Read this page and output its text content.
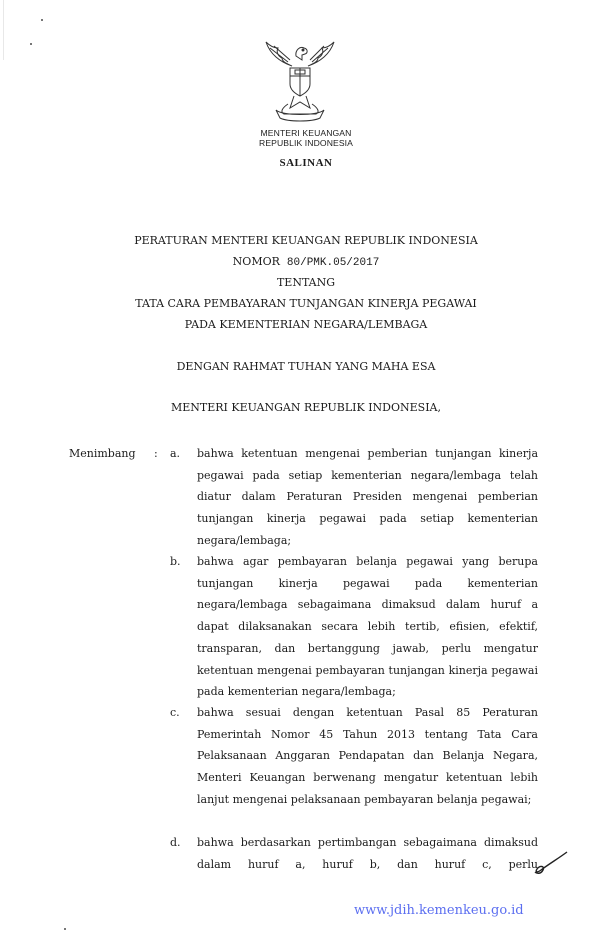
MENTERI KEUANGAN
REPUBLIK INDONESIA
SALINAN
PERATURAN MENTERI KEUANGAN REPUBLIK INDONESIA
NOMOR 80/PMK.05/2017
TENTANG
TATA CARA PEMBAYARAN TUNJANGAN KINERJA PEGAWAI
PADA KEMENTERIAN NEGARA/LEMBAGA
DENGAN RAHMAT TUHAN YANG MAHA ESA
MENTERI KEUANGAN REPUBLIK INDONESIA,
Menimbang : a. bahwa ketentuan mengenai pemberian tunjangan kinerja pegawai pada setiap kementerian negara/lembaga telah diatur dalam Peraturan Presiden mengenai pemberian tunjangan kinerja pegawai pada setiap kementerian negara/lembaga;
b. bahwa agar pembayaran belanja pegawai yang berupa tunjangan kinerja pegawai pada kementerian negara/lembaga sebagaimana dimaksud dalam huruf a dapat dilaksanakan secara lebih tertib, efisien, efektif, transparan, dan bertanggung jawab, perlu mengatur ketentuan mengenai pembayaran tunjangan kinerja pegawai pada kementerian negara/lembaga;
c. bahwa sesuai dengan ketentuan Pasal 85 Peraturan Pemerintah Nomor 45 Tahun 2013 tentang Tata Cara Pelaksanaan Anggaran Pendapatan dan Belanja Negara, Menteri Keuangan berwenang mengatur ketentuan lebih lanjut mengenai pelaksanaan pembayaran belanja pegawai;
d. bahwa berdasarkan pertimbangan sebagaimana dimaksud dalam huruf a, huruf b, dan huruf c, perlu
www.jdih.kemenkeu.go.id
